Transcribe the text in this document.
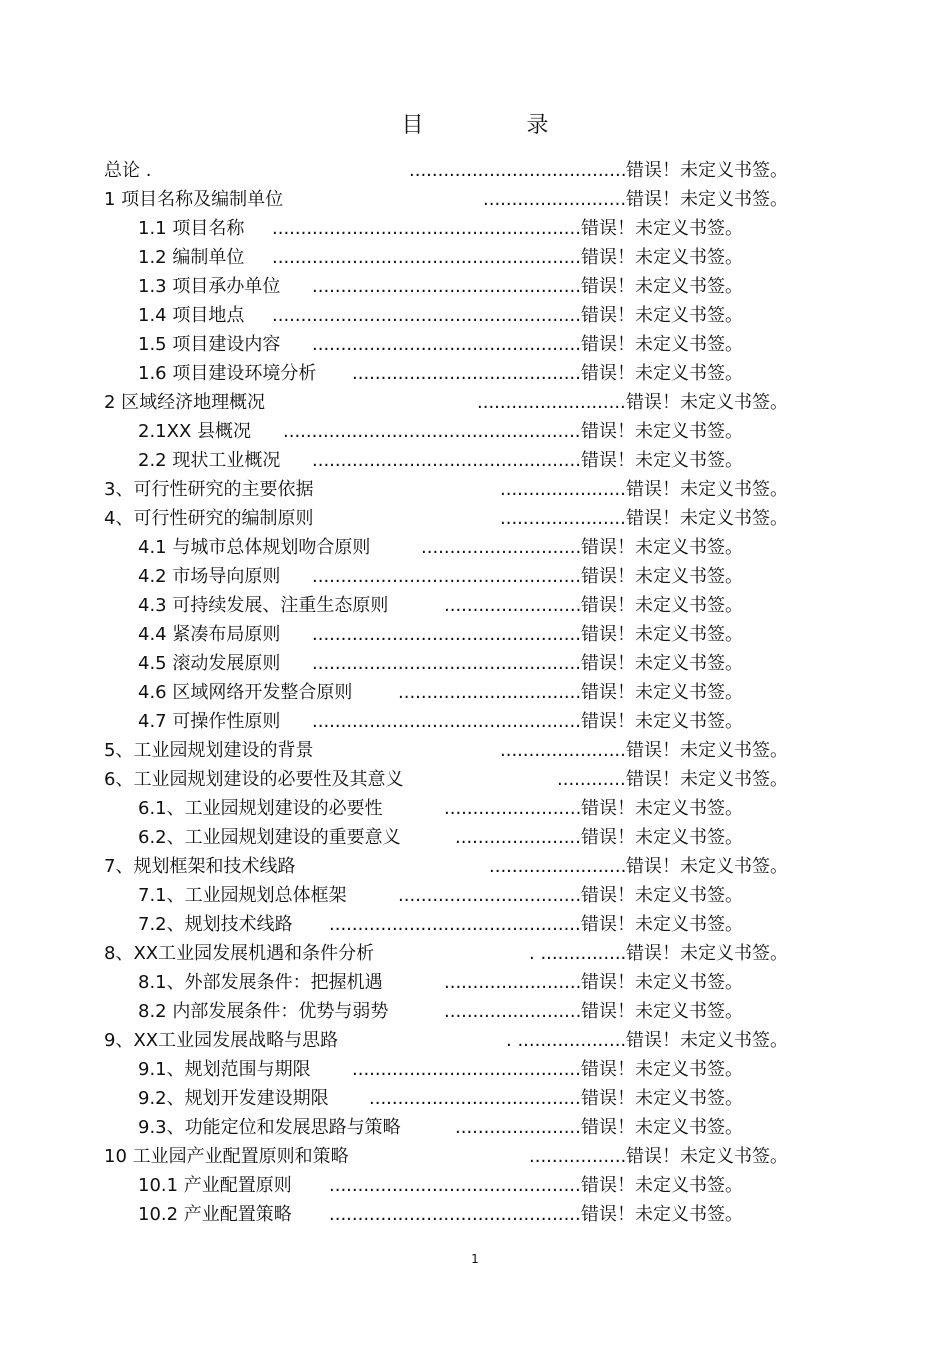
目 录
总论 .	...................................... 错误！未定义书签。
1 项目名称及编制单位	......................... 错误！未定义书签。
1.1 项目名称 ...................................................... 错误！未定义书签。
1.2 编制单位 ...................................................... 错误！未定义书签。
1.3 项目承办单位 ............................................... 错误！未定义书签。
1.4 项目地点 ...................................................... 错误！未定义书签。
1.5 项目建设内容 ............................................... 错误！未定义书签。
1.6 项目建设环境分析 ........................................ 错误！未定义书签。
2 区域经济地理概况	.......................... 错误！未定义书签。
2.1XX 县概况 .................................................... 错误！未定义书签。
2.2 现状工业概况 ............................................... 错误！未定义书签。
3、可行性研究的主要依据	...................... 错误！未定义书签。
4、可行性研究的编制原则	...................... 错误！未定义书签。
4.1 与城市总体规划吻合原则	............................ 错误！未定义书签。
4.2 市场导向原则 ............................................... 错误！未定义书签。
4.3 可持续发展、注重生态原则	........................ 错误！未定义书签。
4.4 紧凑布局原则 ............................................... 错误！未定义书签。
4.5 滚动发展原则 ............................................... 错误！未定义书签。
4.6 区域网络开发整合原则	................................ 错误！未定义书签。
4.7 可操作性原则 ............................................... 错误！未定义书签。
5、工业园规划建设的背景	...................... 错误！未定义书签。
6、工业园规划建设的必要性及其意义	............ 错误！未定义书签。
6.1、工业园规划建设的必要性	........................ 错误！未定义书签。
6.2、工业园规划建设的重要意义	...................... 错误！未定义书签。
7、规划框架和技术线路	........................ 错误！未定义书签。
7.1、工业园规划总体框架	................................ 错误！未定义书签。
7.2、规划技术线路 ............................................ 错误！未定义书签。
8、XX工业园发展机遇和条件分析	. ............... 错误！未定义书签。
8.1、外部发展条件：把握机遇	........................ 错误！未定义书签。
8.2 内部发展条件：优势与弱势	........................ 错误！未定义书签。
9、XX工业园发展战略与思路	. ................... 错误！未定义书签。
9.1、规划范围与期限 ........................................ 错误！未定义书签。
9.2、规划开发建设期限 ..................................... 错误！未定义书签。
9.3、功能定位和发展思路与策略	...................... 错误！未定义书签。
10 工业园产业配置原则和策略	................. 错误！未定义书签。
10.1 产业配置原则 ............................................ 错误！未定义书签。
10.2 产业配置策略 ............................................ 错误！未定义书签。
1
